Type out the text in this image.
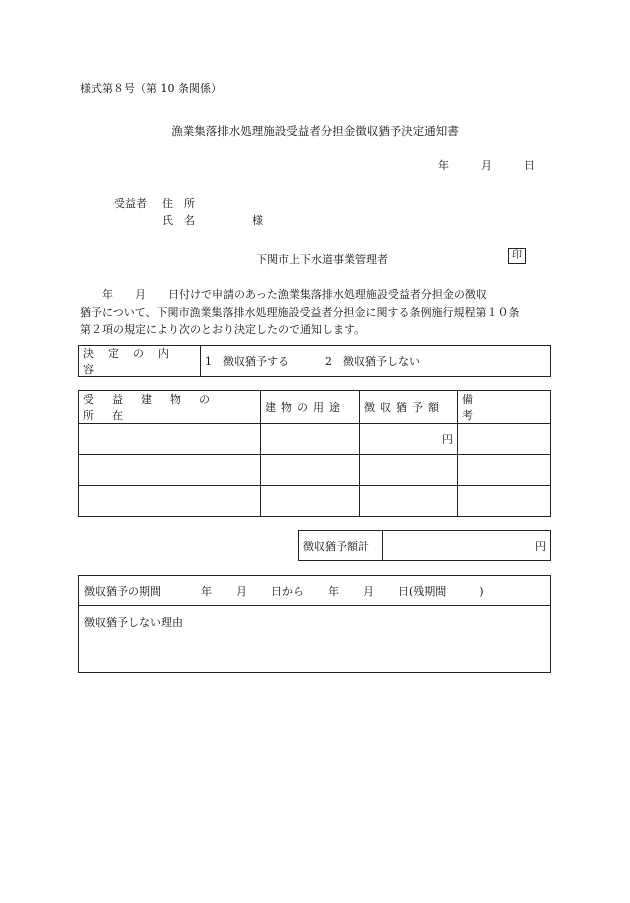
様式第８号（第 10 条関係）
漁業集落排水処理施設受益者分担金徴収猶予決定通知書
年	月	日
受益者 住　所
氏　名	様
下関市上下水道事業管理者	印

　　年　　月　　日付けで申請のあった漁業集落排水処理施設受益者分担金の徴収

猶予について、下関市漁業集落排水処理施設受益者分担金に関する条例施行規程第１０条

第２項の規定により次のとおり決定したので通知します。

決定の内容
1　徴収猶予する	2　徴収猶予しない
受益建物の所在	建物の用途	徴収猶予額	備考
		円	

徴収猶予額計	円
徴収猶予の期間	年 月 日から 年 月 日 (残期間　　　)
徴収猶予しない理由
